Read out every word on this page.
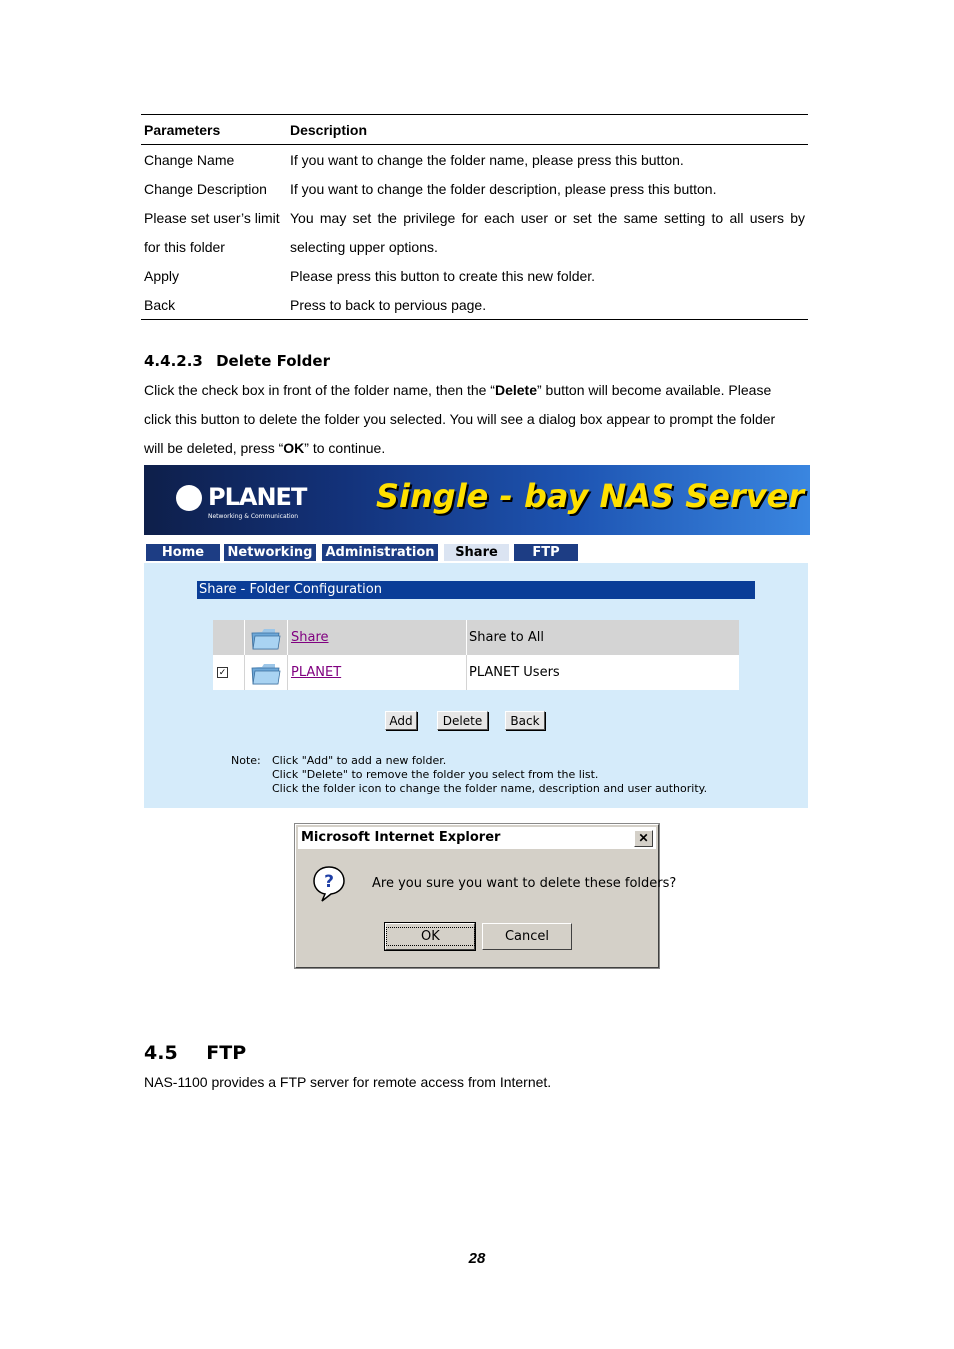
Parameters	Description
Change Name	If you want to change the folder name, please press this button.
Change Description	If you want to change the folder description, please press this button.
Please set user’s limit	You may set the privilege for each user or set the same setting to all users by
for this folder	selecting upper options.
Apply	Please press this button to create this new folder.
Back	Press to back to pervious page.
4.4.2.3 Delete Folder

Click the check box in front of the folder name, then the “Delete” button will become available. Please
click this button to delete the folder you selected. You will see a dialog box appear to prompt the folder
will be deleted, press “OK” to continue.

PLANET
Networking & Communication
Single - bay NAS Server
Home	Networking Administration	Share	FTP
Share - Folder Configuration
Share	Share to All
✓	PLANET	PLANET Users
Add	Delete	Back
Note: Click "Add" to add a new folder.
Click "Delete" to remove the folder you select from the list.
Click the folder icon to change the folder name, description and user authority.
Microsoft Internet Explorer	✕
?	Are you sure you want to delete these folders?
OK	Cancel
4.5 FTP

NAS-1100 provides a FTP server for remote access from Internet.

28
